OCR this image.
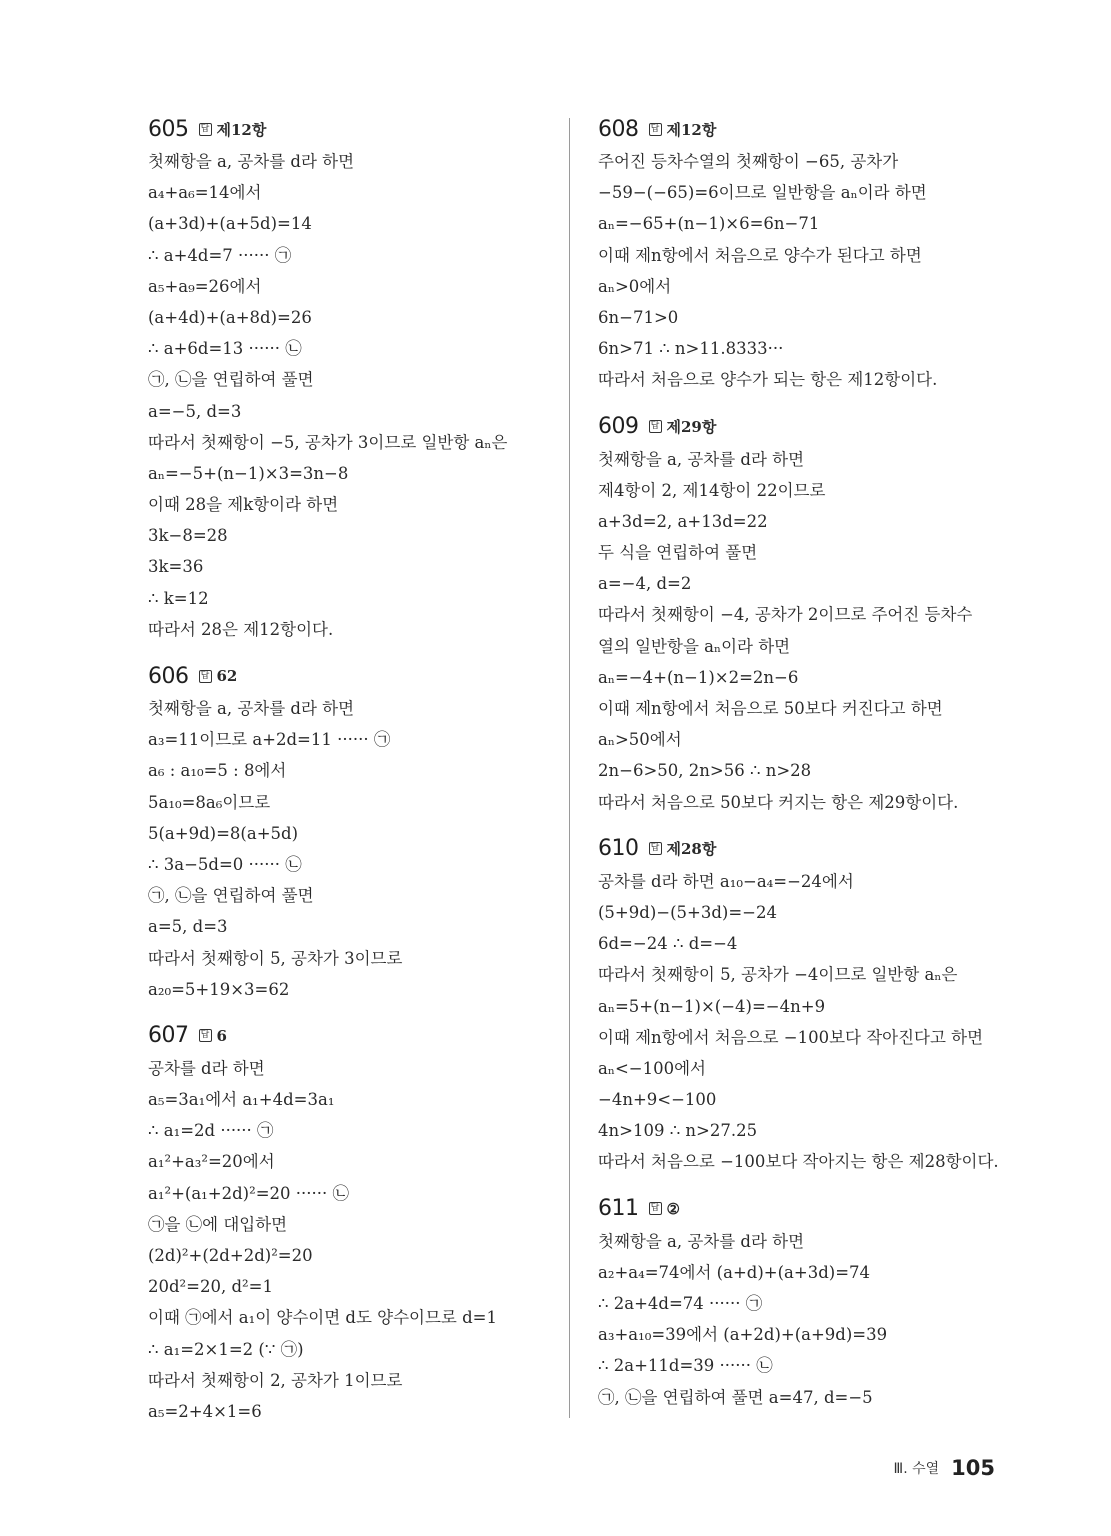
605 답 제12항
첫째항을 a, 공차를 d라 하면
a₄+a₆=14에서
(a+3d)+(a+5d)=14
∴ a+4d=7 ······ ㉠
a₅+a₉=26에서
(a+4d)+(a+8d)=26
∴ a+6d=13 ······ ㉡
㉠, ㉡을 연립하여 풀면
a=−5, d=3
따라서 첫째항이 −5, 공차가 3이므로 일반항 aₙ은
aₙ=−5+(n−1)×3=3n−8
이때 28을 제k항이라 하면
3k−8=28
3k=36
∴ k=12
따라서 28은 제12항이다.
606 답 62
첫째항을 a, 공차를 d라 하면
a₃=11이므로 a+2d=11 ······ ㉠
a₆ : a₁₀=5 : 8에서
5a₁₀=8a₆이므로
5(a+9d)=8(a+5d)
∴ 3a−5d=0 ······ ㉡
㉠, ㉡을 연립하여 풀면
a=5, d=3
따라서 첫째항이 5, 공차가 3이므로
a₂₀=5+19×3=62
607 답 6
공차를 d라 하면
a₅=3a₁에서 a₁+4d=3a₁
∴ a₁=2d ······ ㉠
a₁²+a₃²=20에서
a₁²+(a₁+2d)²=20 ······ ㉡
㉠을 ㉡에 대입하면
(2d)²+(2d+2d)²=20
20d²=20, d²=1
이때 ㉠에서 a₁이 양수이면 d도 양수이므로 d=1
∴ a₁=2×1=2 (∵ ㉠)
따라서 첫째항이 2, 공차가 1이므로
a₅=2+4×1=6
608 답 제12항
주어진 등차수열의 첫째항이 −65, 공차가
−59−(−65)=6이므로 일반항을 aₙ이라 하면
aₙ=−65+(n−1)×6=6n−71
이때 제n항에서 처음으로 양수가 된다고 하면
aₙ>0에서
6n−71>0
6n>71 ∴ n>11.8333···
따라서 처음으로 양수가 되는 항은 제12항이다.
609 답 제29항
첫째항을 a, 공차를 d라 하면
제4항이 2, 제14항이 22이므로
a+3d=2, a+13d=22
두 식을 연립하여 풀면
a=−4, d=2
따라서 첫째항이 −4, 공차가 2이므로 주어진 등차수
열의 일반항을 aₙ이라 하면
aₙ=−4+(n−1)×2=2n−6
이때 제n항에서 처음으로 50보다 커진다고 하면
aₙ>50에서
2n−6>50, 2n>56 ∴ n>28
따라서 처음으로 50보다 커지는 항은 제29항이다.
610 답 제28항
공차를 d라 하면 a₁₀−a₄=−24에서
(5+9d)−(5+3d)=−24
6d=−24 ∴ d=−4
따라서 첫째항이 5, 공차가 −4이므로 일반항 aₙ은
aₙ=5+(n−1)×(−4)=−4n+9
이때 제n항에서 처음으로 −100보다 작아진다고 하면
aₙ<−100에서
−4n+9<−100
4n>109 ∴ n>27.25
따라서 처음으로 −100보다 작아지는 항은 제28항이다.
611 답 ②
첫째항을 a, 공차를 d라 하면
a₂+a₄=74에서 (a+d)+(a+3d)=74
∴ 2a+4d=74 ······ ㉠
a₃+a₁₀=39에서 (a+2d)+(a+9d)=39
∴ 2a+11d=39 ······ ㉡
㉠, ㉡을 연립하여 풀면 a=47, d=−5
Ⅲ. 수열 105
